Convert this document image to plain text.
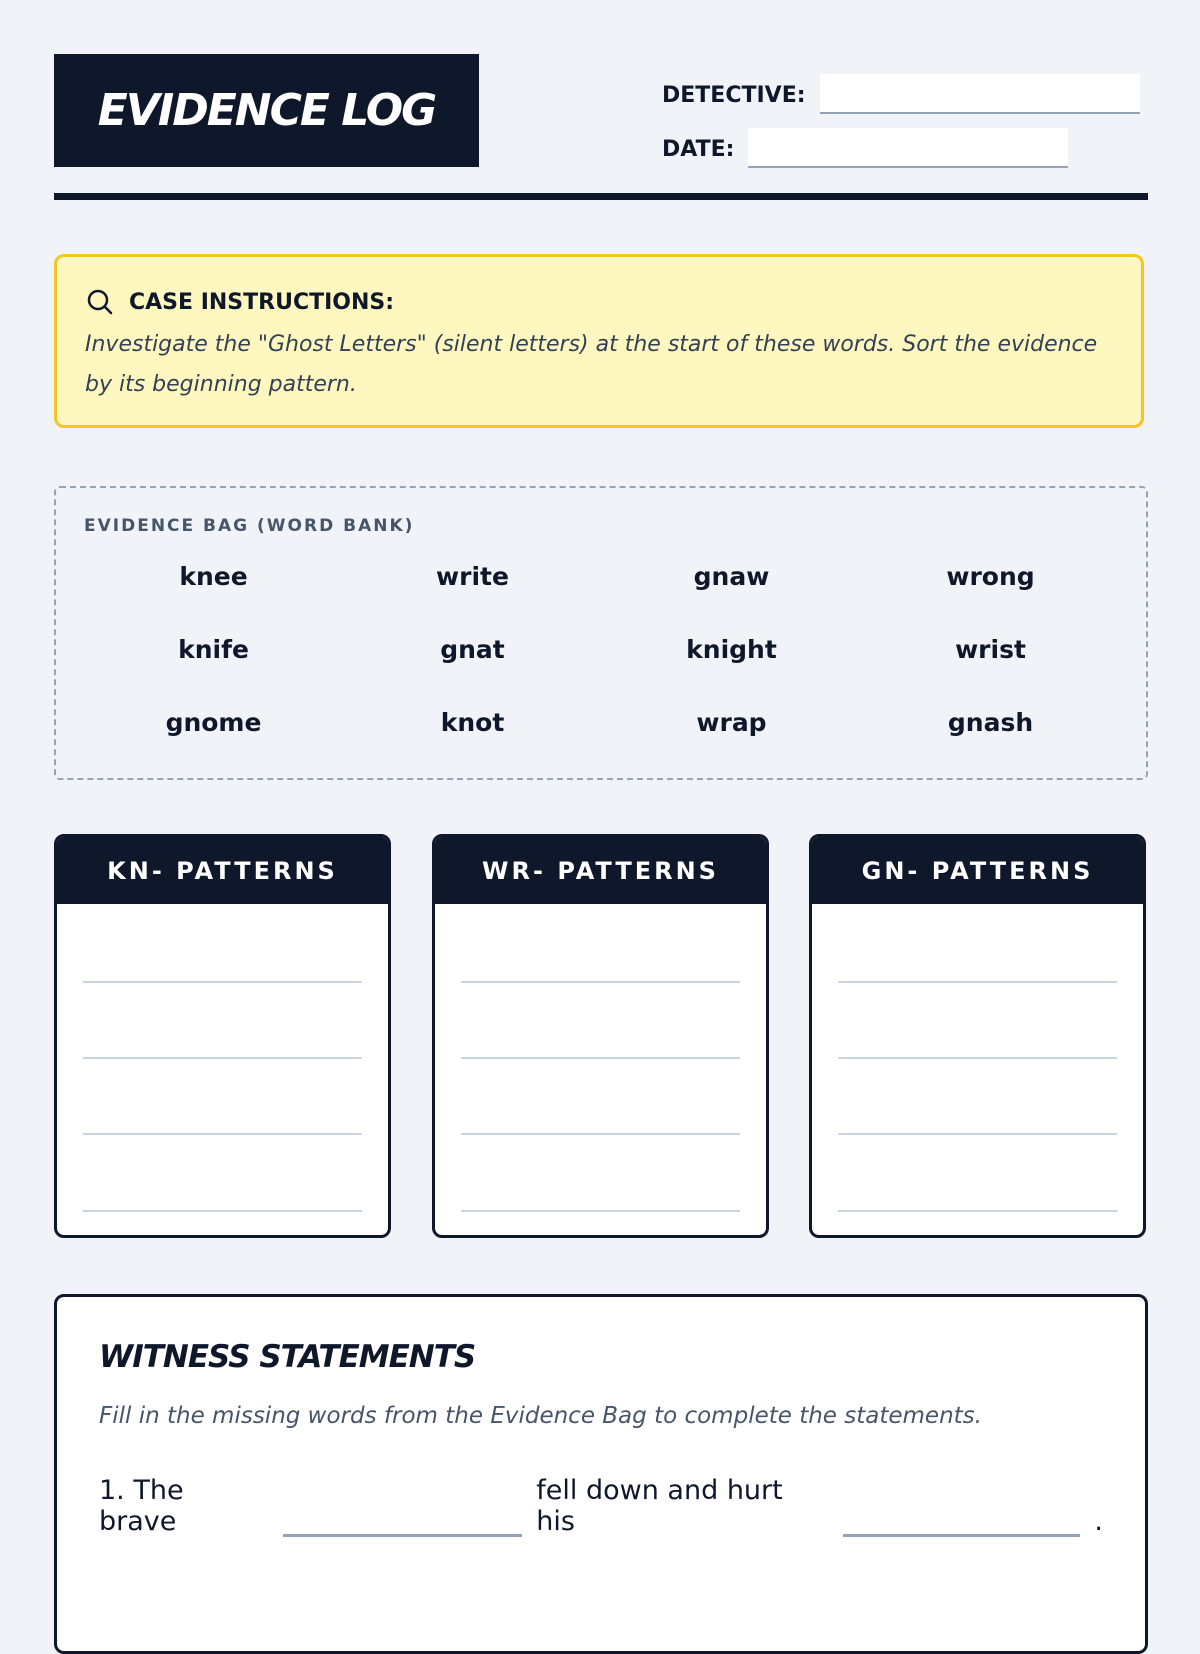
EVIDENCE LOG	DETECTIVE:
DATE:
CASE INSTRUCTIONS:
Investigate the "Ghost Letters" (silent letters) at the start of these words. Sort the evidence by its beginning pattern.
EVIDENCE BAG (WORD BANK)
knee	write	gnaw	wrong
knife	gnat	knight	wrist
gnome	knot	wrap	gnash
KN- PATTERNS	WR- PATTERNS	GN- PATTERNS
WITNESS STATEMENTS
Fill in the missing words from the Evidence Bag to complete the statements.
1. The brave
fell down and hurt his	.
